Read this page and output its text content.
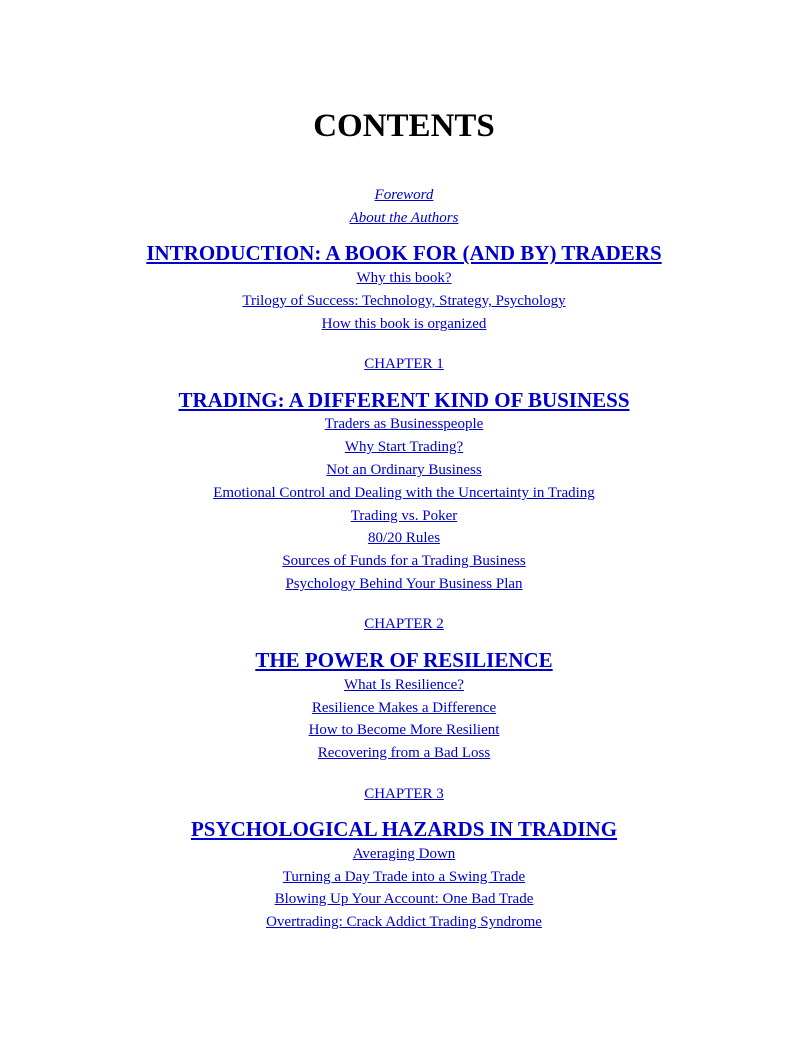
CONTENTS
Foreword
About the Authors
INTRODUCTION: A BOOK FOR (AND BY) TRADERS
Why this book?
Trilogy of Success: Technology, Strategy, Psychology
How this book is organized
CHAPTER 1
TRADING: A DIFFERENT KIND OF BUSINESS
Traders as Businesspeople
Why Start Trading?
Not an Ordinary Business
Emotional Control and Dealing with the Uncertainty in Trading
Trading vs. Poker
80/20 Rules
Sources of Funds for a Trading Business
Psychology Behind Your Business Plan
CHAPTER 2
THE POWER OF RESILIENCE
What Is Resilience?
Resilience Makes a Difference
How to Become More Resilient
Recovering from a Bad Loss
CHAPTER 3
PSYCHOLOGICAL HAZARDS IN TRADING
Averaging Down
Turning a Day Trade into a Swing Trade
Blowing Up Your Account: One Bad Trade
Overtrading: Crack Addict Trading Syndrome
